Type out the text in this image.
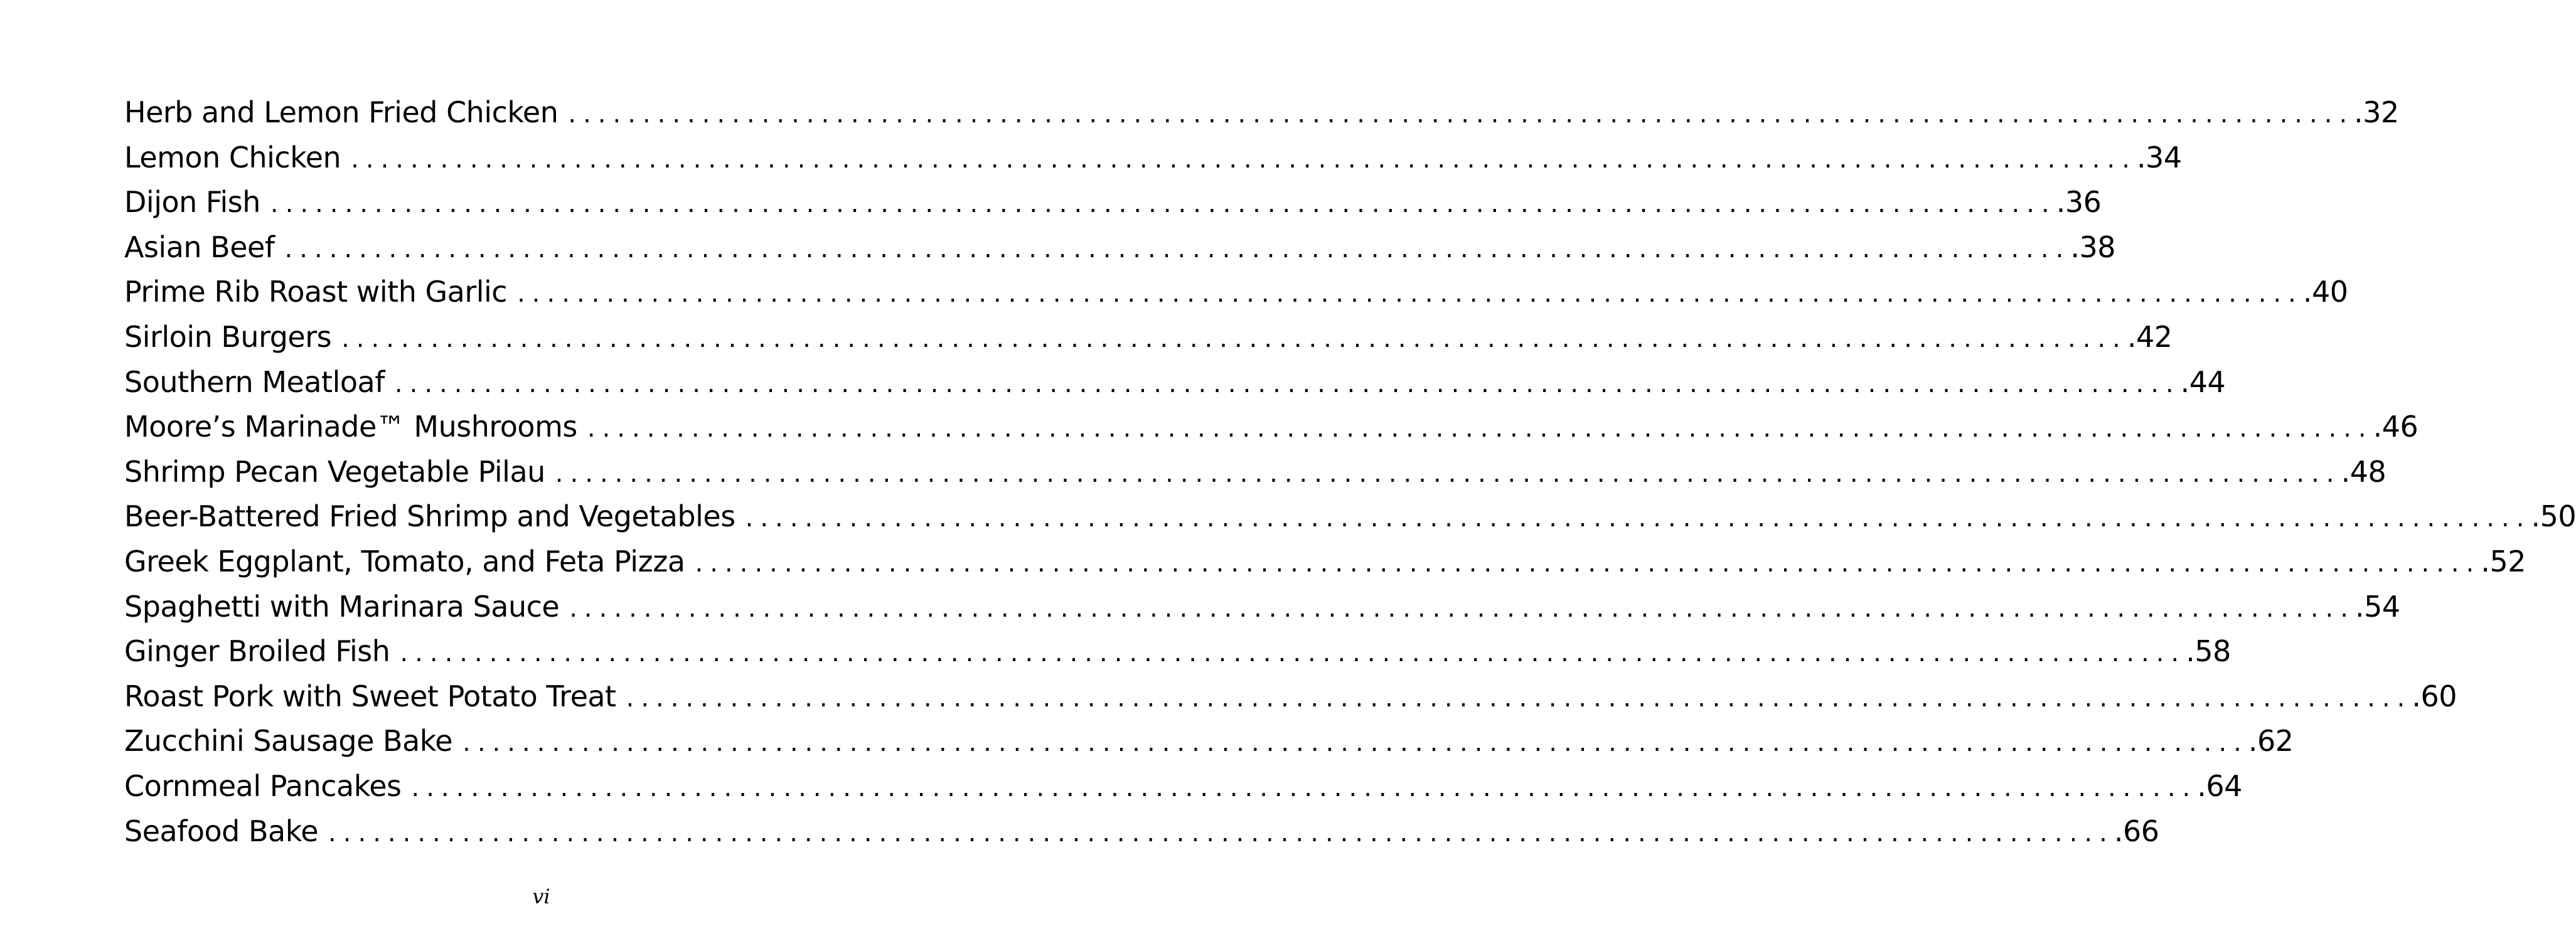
Herb and Lemon Fried Chicken ........................................................................................................................ .32
Lemon Chicken ........................................................................................................................ .34
Dijon Fish ........................................................................................................................ .36
Asian Beef ........................................................................................................................ .38
Prime Rib Roast with Garlic ........................................................................................................................ .40
Sirloin Burgers ........................................................................................................................ .42
Southern Meatloaf ........................................................................................................................ .44
Moore’s Marinade™ Mushrooms ........................................................................................................................ .46
Shrimp Pecan Vegetable Pilau ........................................................................................................................ .48
Beer-Battered Fried Shrimp and Vegetables ........................................................................................................................ .50
Greek Eggplant, Tomato, and Feta Pizza ........................................................................................................................ .52
Spaghetti with Marinara Sauce ........................................................................................................................ .54
Ginger Broiled Fish ........................................................................................................................ .58
Roast Pork with Sweet Potato Treat ........................................................................................................................ .60
Zucchini Sausage Bake ........................................................................................................................ .62
Cornmeal Pancakes ........................................................................................................................ .64
Seafood Bake ........................................................................................................................ .66
vi
